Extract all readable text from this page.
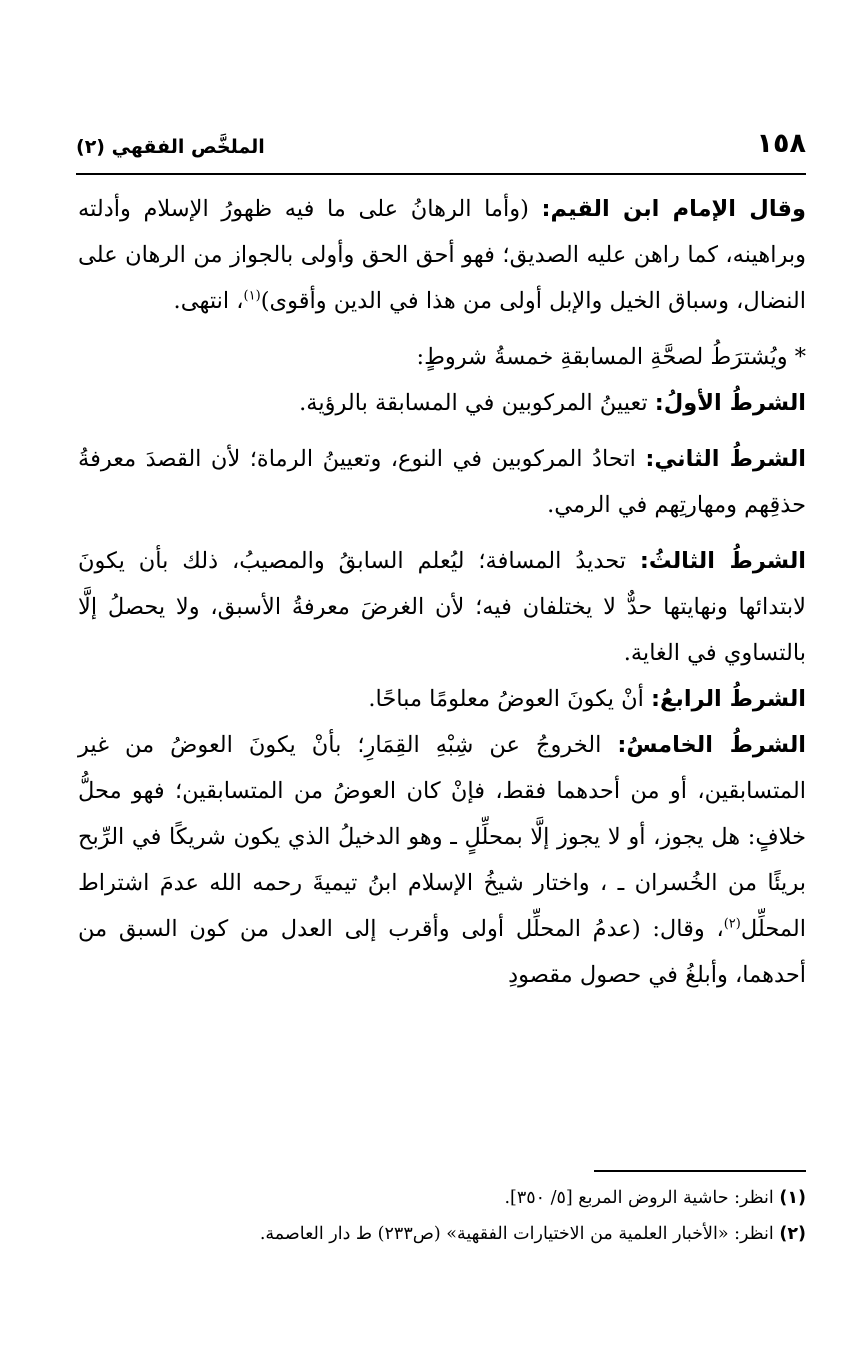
١٥٨
الملخَّص الفقهي (٢)

وقال الإمام ابن القيم: (وأما الرهانُ على ما فيه ظهورُ الإسلام وأدلته وبراهينه، كما راهن عليه الصديق؛ فهو أحق الحق وأولى بالجواز من الرهان على النضال، وسباق الخيل والإبل أولى من هذا في الدين وأقوى)$^{(١)}$، انتهى.

* ويُشترَطُ لصحَّةِ المسابقةِ خمسةُ شروطٍ:

الشرطُ الأولُ: تعيينُ المركوبين في المسابقة بالرؤية.

الشرطُ الثاني: اتحادُ المركوبين في النوع، وتعيينُ الرماة؛ لأن القصدَ معرفةُ حذقِهم ومهارتِهم في الرمي.

الشرطُ الثالثُ: تحديدُ المسافة؛ ليُعلم السابقُ والمصيبُ، ذلك بأن يكونَ لابتدائها ونهايتها حدٌّ لا يختلفان فيه؛ لأن الغرضَ معرفةُ الأسبق، ولا يحصلُ إلَّا بالتساوي في الغاية.

الشرطُ الرابعُ: أنْ يكونَ العوضُ معلومًا مباحًا.

الشرطُ الخامسُ: الخروجُ عن شِبْهِ القِمَارِ؛ بأنْ يكونَ العوضُ من غير المتسابقين، أو من أحدهما فقط، فإنْ كان العوضُ من المتسابقين؛ فهو محلُّ خلافٍ: هل يجوز، أو لا يجوز إلَّا بمحلِّلٍ ـ وهو الدخيلُ الذي يكون شريكًا في الرِّبح بريئًا من الخُسران ـ ، واختار شيخُ الإسلام ابنُ تيميةَ رحمه الله عدمَ اشتراط المحلِّل$^{(٢)}$، وقال: (عدمُ المحلِّل أولى وأقرب إلى العدل من كون السبق من أحدهما، وأبلغُ في حصول مقصودِ

(١) انظر: حاشية الروض المربع [٥/ ٣٥٠].

(٢) انظر: «الأخبار العلمية من الاختيارات الفقهية» (ص٢٣٣) ط دار العاصمة.
